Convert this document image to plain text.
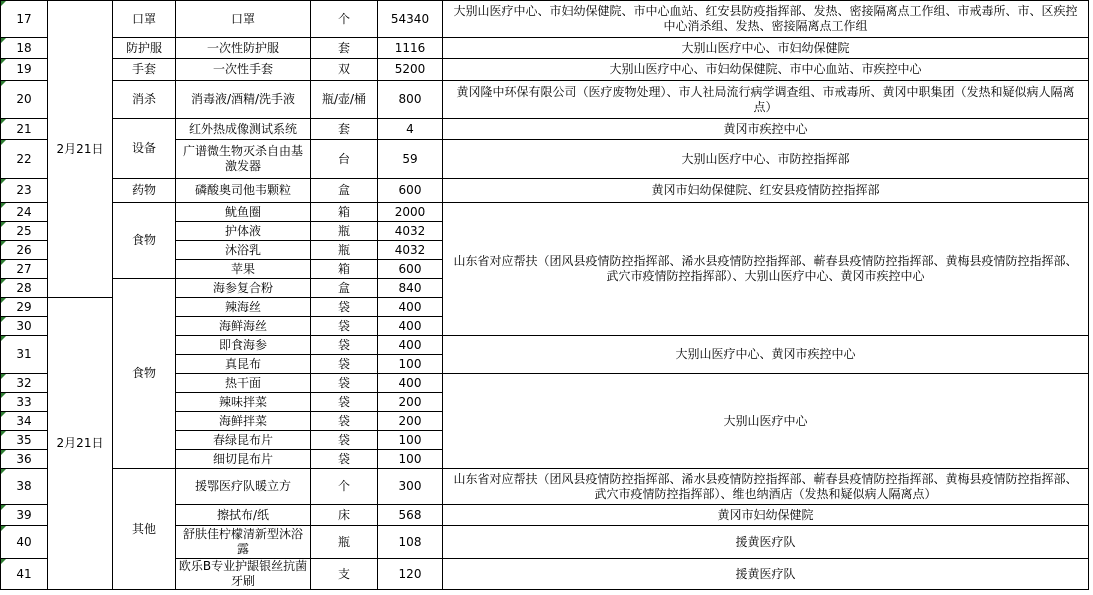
17	2月21日	口罩	口罩	个	54340	大别山医疗中心、市妇幼保健院、市中心血站、红安县防疫指挥部、发热、密接隔离点工作组、市戒毒所、市、区疾控中心消杀组、发热、密接隔离点工作组

18		防护服	一次性防护服	套	1116	大别山医疗中心、市妇幼保健院

19		手套	一次性手套	双	5200	大别山医疗中心、市妇幼保健院、市中心血站、市疾控中心

20		消杀	消毒液/酒精/洗手液	瓶/壶/桶	800	黄冈隆中环保有限公司（医疗废物处理）、市人社局流行病学调查组、市戒毒所、黄冈中职集团（发热和疑似病人隔离点）

21		设备	红外热成像测试系统	套	4	黄冈市疾控中心

22			广谱微生物灭杀自由基激发器	台	59	大别山医疗中心、市防控指挥部

23		药物	磷酸奥司他韦颗粒	盒	600	黄冈市妇幼保健院、红安县疫情防控指挥部

24		食物	鱿鱼圈	箱	2000	山东省对应帮扶（团风县疫情防控指挥部、浠水县疫情防控指挥部、蕲春县疫情防控指挥部、黄梅县疫情防控指挥部、武穴市疫情防控指挥部）、大别山医疗中心、黄冈市疾控中心

25			护体液	瓶	4032	
26			沐浴乳	瓶	4032	
27			苹果	箱	600	
28		食物	海参复合粉	盒	840	
29	2月21日		辣海丝	袋	400	
30			海鲜海丝	袋	400	
31			即食海参	袋	400	大别山医疗中心、黄冈市疾控中心

			真昆布	袋	100	
32			热干面	袋	400	大别山医疗中心

33			辣味拌菜	袋	200	
34			海鲜拌菜	袋	200	
35			春绿昆布片	袋	100	
36			细切昆布片	袋	100	
38		其他	援鄂医疗队暖立方	个	300	山东省对应帮扶（团风县疫情防控指挥部、浠水县疫情防控指挥部、蕲春县疫情防控指挥部、黄梅县疫情防控指挥部、武穴市疫情防控指挥部）、维也纳酒店（发热和疑似病人隔离点）

39			擦拭布/纸	床	568	黄冈市妇幼保健院

40			舒肤佳柠檬清新型沐浴露	瓶	108	援黄医疗队

41			欧乐B专业护龈银丝抗菌牙刷	支	120	援黄医疗队
